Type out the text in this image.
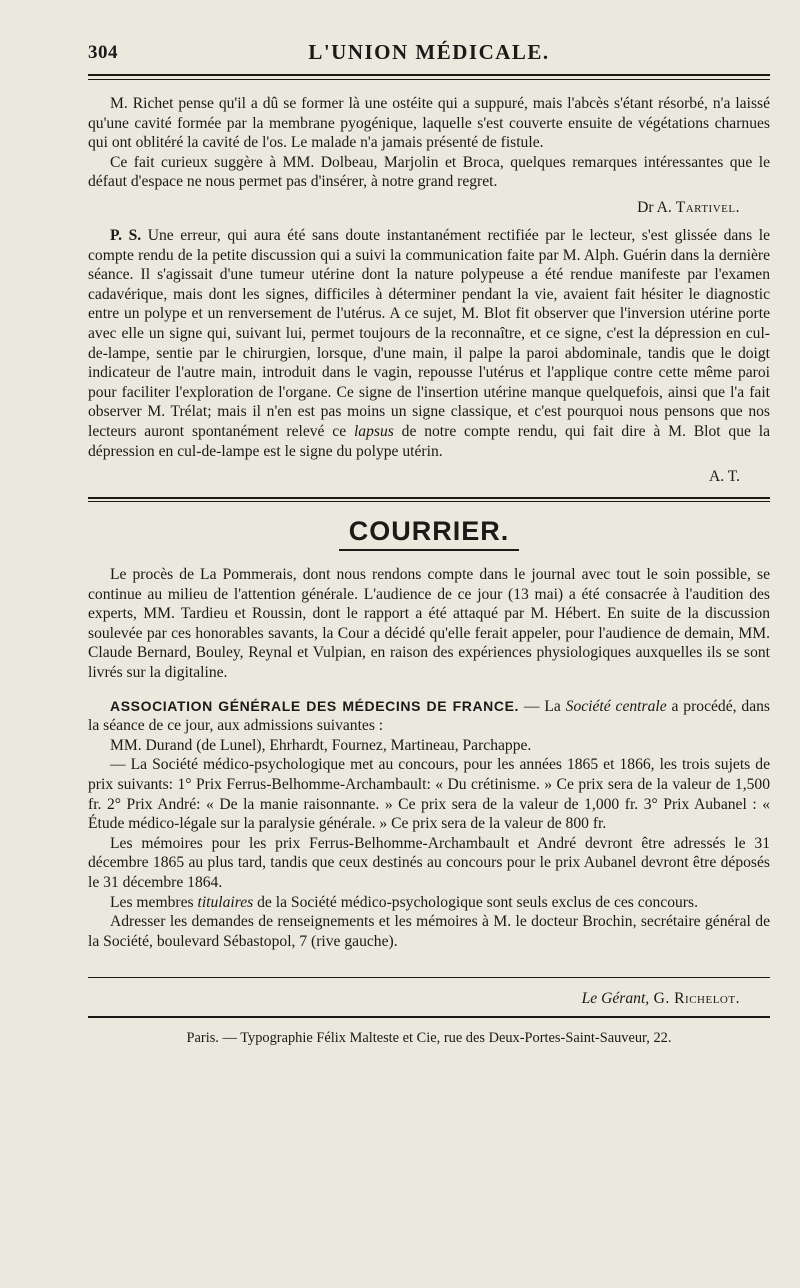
304	L'UNION MÉDICALE.

M. Richet pense qu'il a dû se former là une ostéite qui a suppuré, mais l'abcès s'étant résorbé, n'a laissé qu'une cavité formée par la membrane pyogénique, laquelle s'est couverte ensuite de végétations charnues qui ont oblitéré la cavité de l'os. Le malade n'a jamais présenté de fistule.

Ce fait curieux suggère à MM. Dolbeau, Marjolin et Broca, quelques remarques intéressantes que le défaut d'espace ne nous permet pas d'insérer, à notre grand regret.

Dr A. Tartivel.

P. S. Une erreur, qui aura été sans doute instantanément rectifiée par le lecteur, s'est glissée dans le compte rendu de la petite discussion qui a suivi la communication faite par M. Alph. Guérin dans la dernière séance. Il s'agissait d'une tumeur utérine dont la nature polypeuse a été rendue manifeste par l'examen cadavérique, mais dont les signes, difficiles à déterminer pendant la vie, avaient fait hésiter le diagnostic entre un polype et un renversement de l'utérus. A ce sujet, M. Blot fit observer que l'inversion utérine porte avec elle un signe qui, suivant lui, permet toujours de la reconnaître, et ce signe, c'est la dépression en cul-de-lampe, sentie par le chirurgien, lorsque, d'une main, il palpe la paroi abdominale, tandis que le doigt indicateur de l'autre main, introduit dans le vagin, repousse l'utérus et l'applique contre cette même paroi pour faciliter l'exploration de l'organe. Ce signe de l'insertion utérine manque quelquefois, ainsi que l'a fait observer M. Trélat; mais il n'en est pas moins un signe classique, et c'est pourquoi nous pensons que nos lecteurs auront spontanément relevé ce lapsus de notre compte rendu, qui fait dire à M. Blot que la dépression en cul-de-lampe est le signe du polype utérin.

A. T.
COURRIER.

Le procès de La Pommerais, dont nous rendons compte dans le journal avec tout le soin possible, se continue au milieu de l'attention générale. L'audience de ce jour (13 mai) a été consacrée à l'audition des experts, MM. Tardieu et Roussin, dont le rapport a été attaqué par M. Hébert. En suite de la discussion soulevée par ces honorables savants, la Cour a décidé qu'elle ferait appeler, pour l'audience de demain, MM. Claude Bernard, Bouley, Reynal et Vulpian, en raison des expériences physiologiques auxquelles ils se sont livrés sur la digitaline.

ASSOCIATION GÉNÉRALE DES MÉDECINS DE FRANCE. — La Société centrale a procédé, dans la séance de ce jour, aux admissions suivantes :

MM. Durand (de Lunel), Ehrhardt, Fournez, Martineau, Parchappe.

— La Société médico-psychologique met au concours, pour les années 1865 et 1866, les trois sujets de prix suivants: 1° Prix Ferrus-Belhomme-Archambault: « Du crétinisme. » Ce prix sera de la valeur de 1,500 fr. 2° Prix André: « De la manie raisonnante. » Ce prix sera de la valeur de 1,000 fr. 3° Prix Aubanel : « Étude médico-légale sur la paralysie générale. » Ce prix sera de la valeur de 800 fr.

Les mémoires pour les prix Ferrus-Belhomme-Archambault et André devront être adressés le 31 décembre 1865 au plus tard, tandis que ceux destinés au concours pour le prix Aubanel devront être déposés le 31 décembre 1864.

Les membres titulaires de la Société médico-psychologique sont seuls exclus de ces concours.

Adresser les demandes de renseignements et les mémoires à M. le docteur Brochin, secrétaire général de la Société, boulevard Sébastopol, 7 (rive gauche).

Le Gérant, G. Richelot.
Paris. — Typographie Félix Malteste et Cie, rue des Deux-Portes-Saint-Sauveur, 22.
